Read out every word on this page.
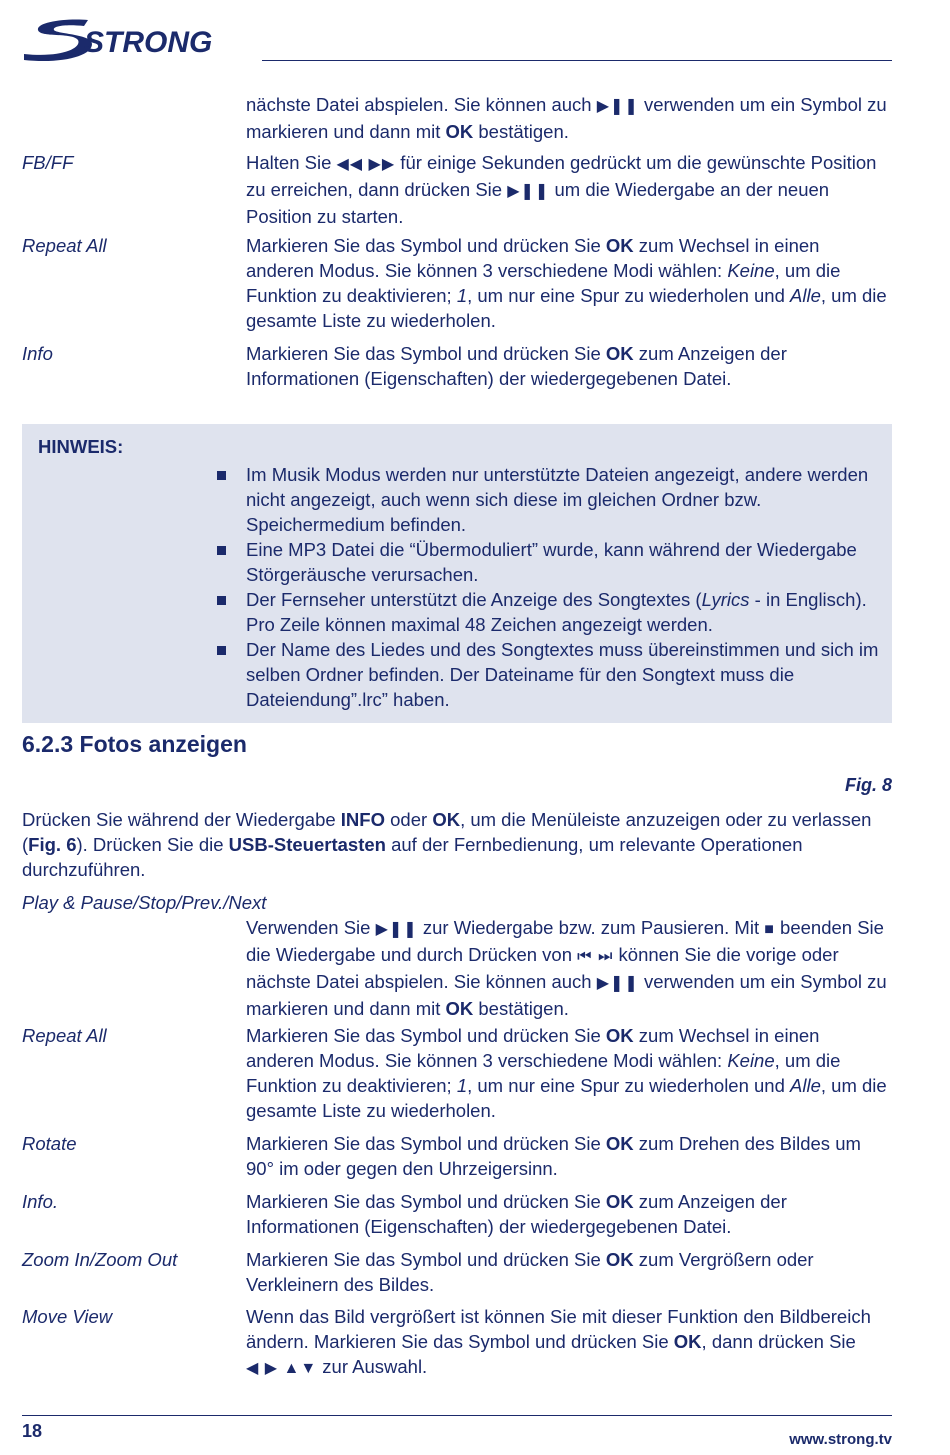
STRONG
nächste Datei abspielen. Sie können auch ▶❚❚ verwenden um ein Symbol zu markieren und dann mit OK bestätigen.
FB/FF	Halten Sie ◀◀ ▶▶ für einige Sekunden gedrückt um die gewünschte Position zu erreichen, dann drücken Sie ▶❚❚ um die Wiedergabe an der neuen Position zu starten.
Repeat All	Markieren Sie das Symbol und drücken Sie OK zum Wechsel in einen anderen Modus. Sie können 3 verschiedene Modi wählen: Keine, um die Funktion zu deaktivieren; 1, um nur eine Spur zu wiederholen und Alle, um die gesamte Liste zu wiederholen.
Info	Markieren Sie das Symbol und drücken Sie OK zum Anzeigen der Informationen (Eigenschaften) der wiedergegebenen Datei.
HINWEIS:
Im Musik Modus werden nur unterstützte Dateien angezeigt, andere werden nicht angezeigt, auch wenn sich diese im gleichen Ordner bzw. Speichermedium befinden.
Eine MP3 Datei die “Übermoduliert” wurde, kann während der Wiedergabe Störgeräusche verursachen.
Der Fernseher unterstützt die Anzeige des Songtextes (Lyrics - in Englisch). Pro Zeile können maximal 48 Zeichen angezeigt werden.
Der Name des Liedes und des Songtextes muss übereinstimmen und sich im selben Ordner befinden. Der Dateiname für den Songtext muss die Dateiendung”.lrc” haben.
6.2.3 Fotos anzeigen
Fig. 8
Drücken Sie während der Wiedergabe INFO oder OK, um die Menüleiste anzuzeigen oder zu verlassen (Fig. 6). Drücken Sie die USB-Steuertasten auf der Fernbedienung, um relevante Operationen durchzuführen.
Play & Pause/Stop/Prev./Next
Verwenden Sie ▶❚❚ zur Wiedergabe bzw. zum Pausieren. Mit ■ beenden Sie die Wiedergabe und durch Drücken von ⏮ ⏭ können Sie die vorige oder nächste Datei abspielen. Sie können auch ▶❚❚ verwenden um ein Symbol zu markieren und dann mit OK bestätigen.
Repeat All	Markieren Sie das Symbol und drücken Sie OK zum Wechsel in einen anderen Modus. Sie können 3 verschiedene Modi wählen: Keine, um die Funktion zu deaktivieren; 1, um nur eine Spur zu wiederholen und Alle, um die gesamte Liste zu wiederholen.
Rotate	Markieren Sie das Symbol und drücken Sie OK zum Drehen des Bildes um 90° im oder gegen den Uhrzeigersinn.
Info.	Markieren Sie das Symbol und drücken Sie OK zum Anzeigen der Informationen (Eigenschaften) der wiedergegebenen Datei.
Zoom In/Zoom Out	Markieren Sie das Symbol und drücken Sie OK zum Vergrößern oder Verkleinern des Bildes.
Move View	Wenn das Bild vergrößert ist können Sie mit dieser Funktion den Bildbereich ändern. Markieren Sie das Symbol und drücken Sie OK, dann drücken Sie ◀ ▶ ▲▼ zur Auswahl.
18	www.strong.tv
